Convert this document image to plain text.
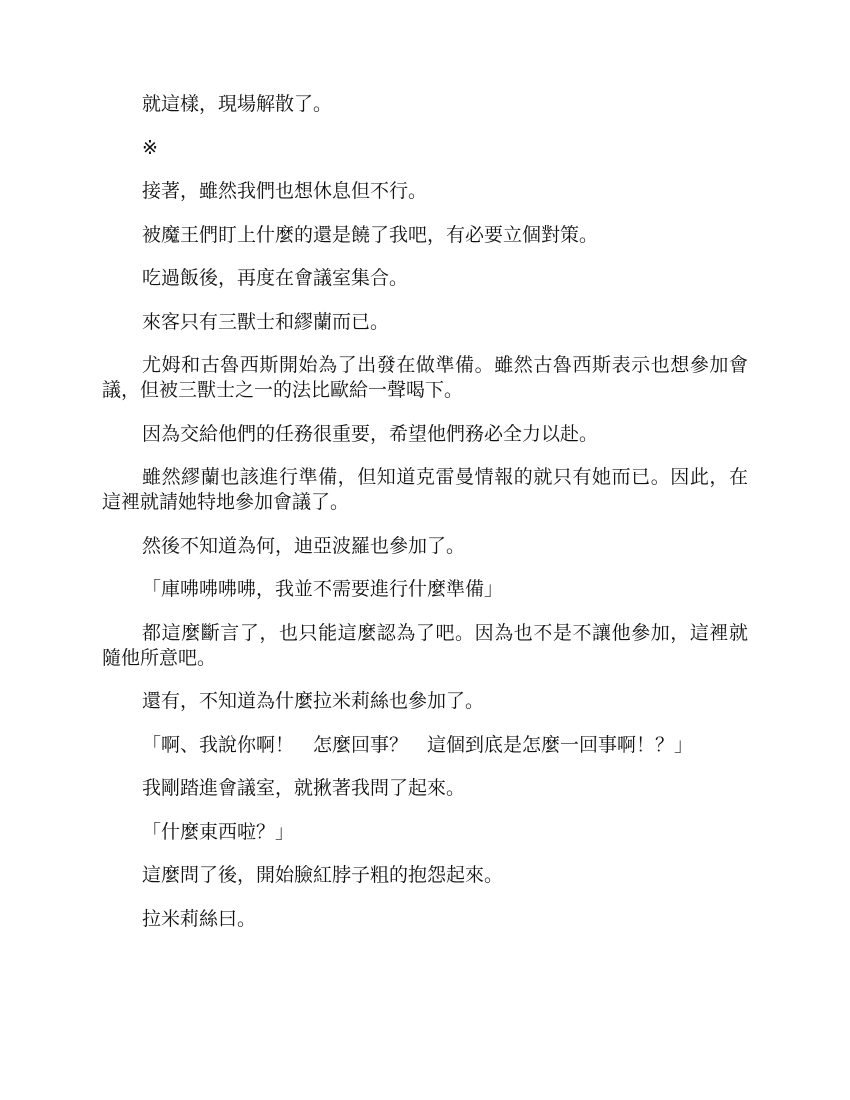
就這樣，現場解散了。

※

接著，雖然我們也想休息但不行。

被魔王們盯上什麼的還是饒了我吧，有必要立個對策。

吃過飯後，再度在會議室集合。

來客只有三獸士和繆蘭而已。

尤姆和古魯西斯開始為了出發在做準備。雖然古魯西斯表示也想參加會議，但被三獸士之一的法比歐給一聲喝下。

因為交給他們的任務很重要，希望他們務必全力以赴。

雖然繆蘭也該進行準備，但知道克雷曼情報的就只有她而已。因此，在這裡就請她特地參加會議了。

然後不知道為何，迪亞波羅也參加了。

「庫咈咈咈咈，我並不需要進行什麼準備」

都這麼斷言了，也只能這麼認為了吧。因為也不是不讓他參加，這裡就隨他所意吧。

還有，不知道為什麼拉米莉絲也參加了。

「啊、我說你啊！　怎麼回事？　這個到底是怎麼一回事啊！？」

我剛踏進會議室，就揪著我問了起來。

「什麼東西啦？」

這麼問了後，開始臉紅脖子粗的抱怨起來。

拉米莉絲曰。
